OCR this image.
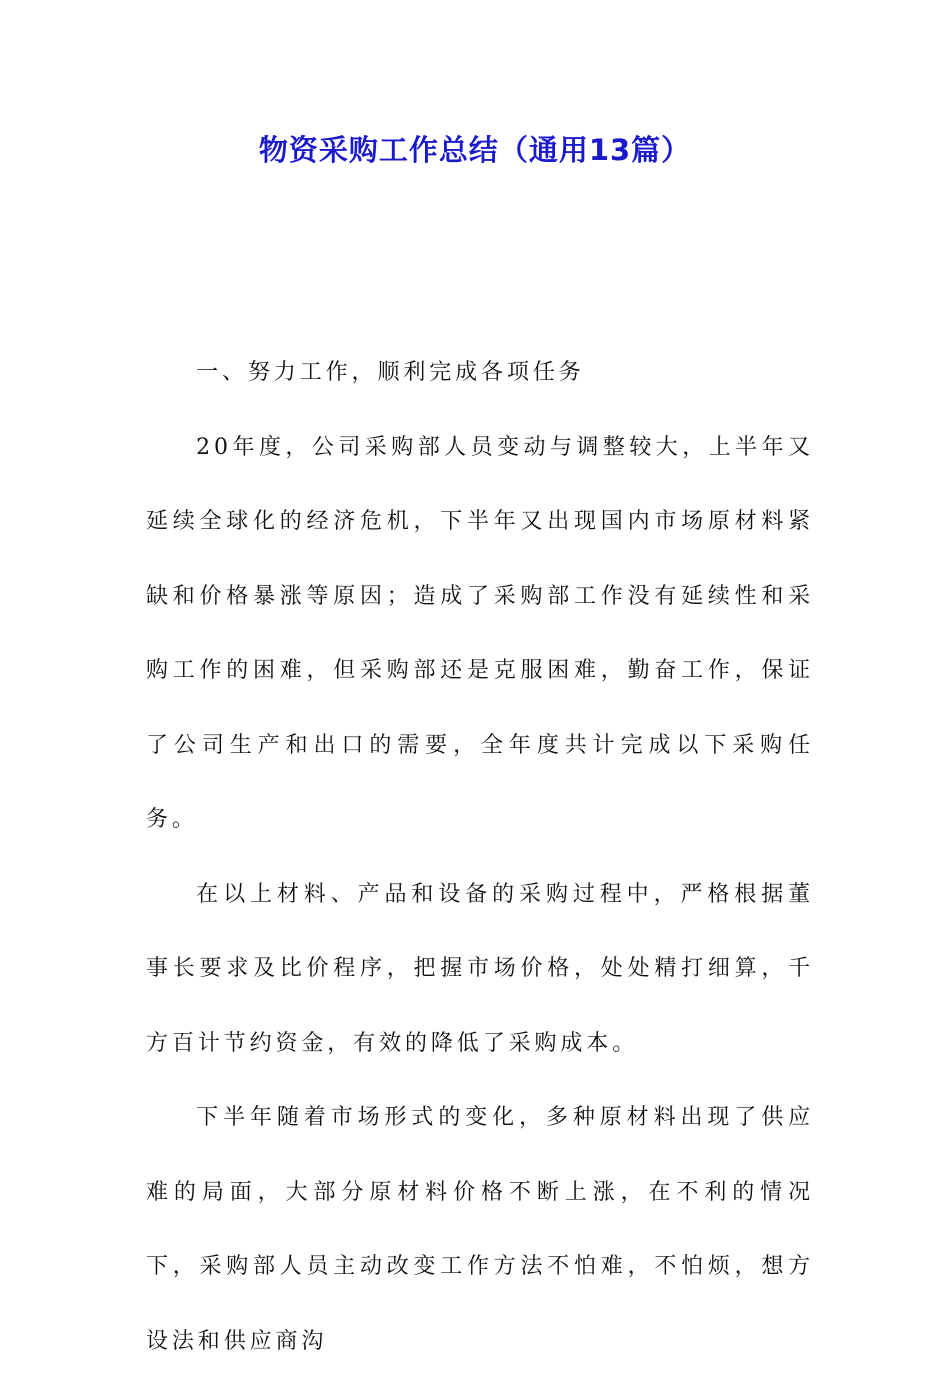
物资采购工作总结（通用13篇）

一、努力工作，顺利完成各项任务

20年度，公司采购部人员变动与调整较大，上半年又延续全球化的经济危机，下半年又出现国内市场原材料紧缺和价格暴涨等原因；造成了采购部工作没有延续性和采购工作的困难，但采购部还是克服困难，勤奋工作，保证了公司生产和出口的需要，全年度共计完成以下采购任务。

在以上材料、产品和设备的采购过程中，严格根据董事长要求及比价程序，把握市场价格，处处精打细算，千方百计节约资金，有效的降低了采购成本。

下半年随着市场形式的变化，多种原材料出现了供应难的局面，大部分原材料价格不断上涨，在不利的情况下，采购部人员主动改变工作方法不怕难，不怕烦，想方设法和供应商沟
